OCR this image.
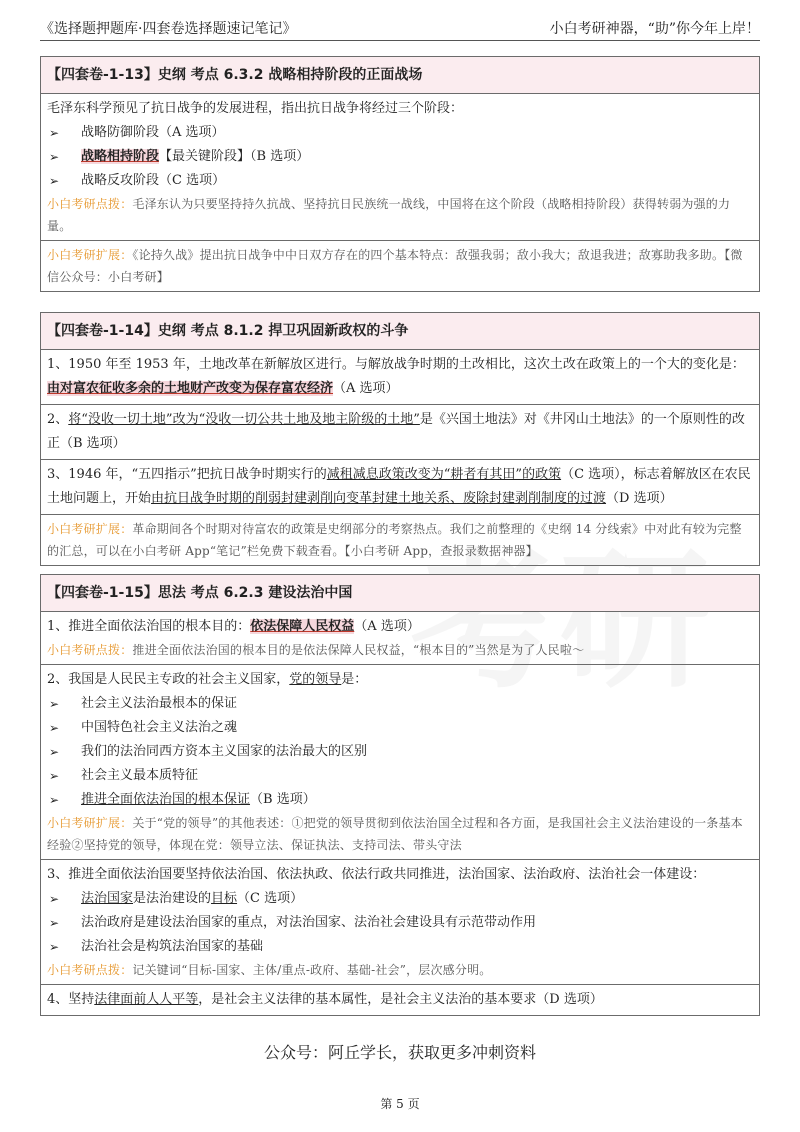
《选择题押题库·四套卷选择题速记笔记》	小白考研神器，“助”你今年上岸！
【四套卷-1-13】史纲 考点 6.3.2 战略相持阶段的正面战场
毛泽东科学预见了抗日战争的发展进程，指出抗日战争将经过三个阶段：
➢ 战略防御阶段（A 选项）
➢ 战略相持阶段【最关键阶段】（B 选项）
➢ 战略反攻阶段（C 选项）
小白考研点拨：毛泽东认为只要坚持持久抗战、坚持抗日民族统一战线，中国将在这个阶段（战略相持阶段）获得转弱为强的力量。
小白考研扩展：《论持久战》提出抗日战争中中日双方存在的四个基本特点：敌强我弱；敌小我大；敌退我进；敌寡助我多助。【微信公众号：小白考研】
【四套卷-1-14】史纲 考点 8.1.2 捍卫巩固新政权的斗争
1、1950 年至 1953 年，土地改革在新解放区进行。与解放战争时期的土改相比，这次土改在政策上的一个大的变化是：由对富农征收多余的土地财产改变为保存富农经济（A 选项）
2、将“没收一切土地”改为“没收一切公共土地及地主阶级的土地”是《兴国土地法》对《井冈山土地法》的一个原则性的改正（B 选项）
3、1946 年，“五四指示”把抗日战争时期实行的减租减息政策改变为“耕者有其田”的政策（C 选项），标志着解放区在农民土地问题上，开始由抗日战争时期的削弱封建剥削向变革封建土地关系、废除封建剥削制度的过渡（D 选项）
小白考研扩展：革命期间各个时期对待富农的政策是史纲部分的考察热点。我们之前整理的《史纲 14 分线索》中对此有较为完整的汇总，可以在小白考研 App“笔记”栏免费下载查看。【小白考研 App，查报录数据神器】
【四套卷-1-15】思法 考点 6.2.3 建设法治中国
1、推进全面依法治国的根本目的：依法保障人民权益（A 选项）
小白考研点拨：推进全面依法治国的根本目的是依法保障人民权益，“根本目的”当然是为了人民啦～
2、我国是人民民主专政的社会主义国家，党的领导是：
➢ 社会主义法治最根本的保证
➢ 中国特色社会主义法治之魂
➢ 我们的法治同西方资本主义国家的法治最大的区别
➢ 社会主义最本质特征
➢ 推进全面依法治国的根本保证（B 选项）
小白考研扩展：关于“党的领导”的其他表述：①把党的领导贯彻到依法治国全过程和各方面，是我国社会主义法治建设的一条基本经验②坚持党的领导，体现在党：领导立法、保证执法、支持司法、带头守法
3、推进全面依法治国要坚持依法治国、依法执政、依法行政共同推进，法治国家、法治政府、法治社会一体建设：
➢ 法治国家是法治建设的目标（C 选项）
➢ 法治政府是建设法治国家的重点，对法治国家、法治社会建设具有示范带动作用
➢ 法治社会是构筑法治国家的基础
小白考研点拨：记关键词“目标-国家、主体/重点-政府、基础-社会”，层次感分明。
4、坚持法律面前人人平等，是社会主义法律的基本属性，是社会主义法治的基本要求（D 选项）
公众号：阿丘学长，获取更多冲刺资料
第 5 页
